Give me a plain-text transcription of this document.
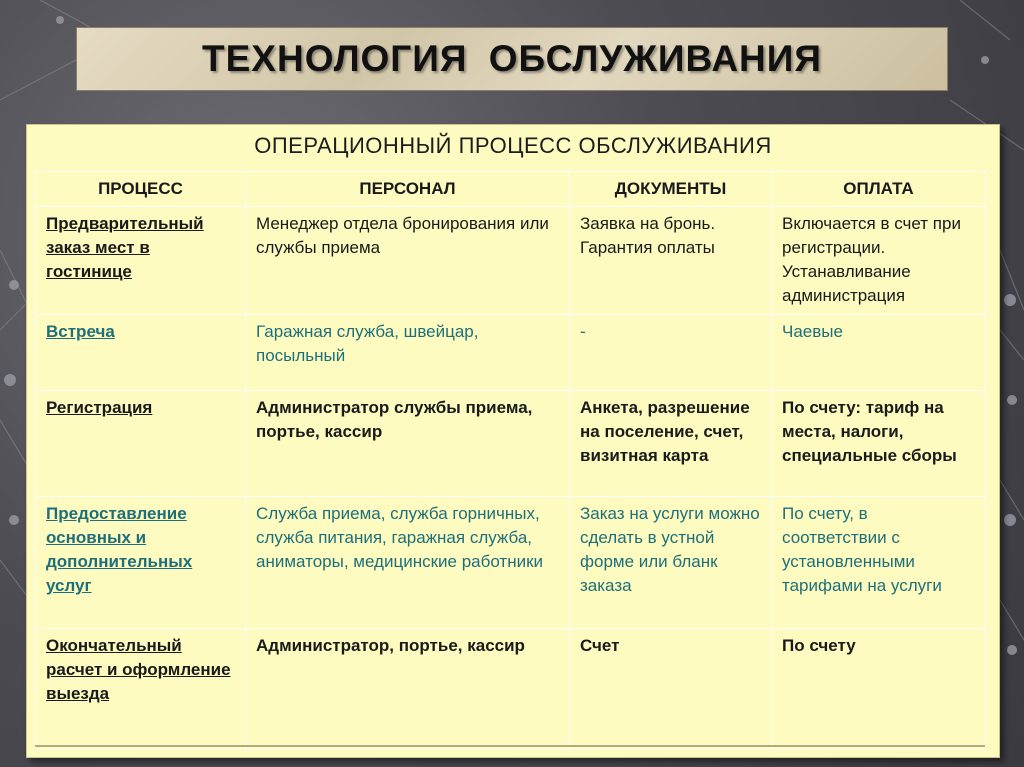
ТЕХНОЛОГИЯ ОБСЛУЖИВАНИЯ
ОПЕРАЦИОННЫЙ ПРОЦЕСС ОБСЛУЖИВАНИЯ
ПРОЦЕСС	ПЕРСОНАЛ	ДОКУМЕНТЫ	ОПЛАТА
Предварительный заказ мест в гостинице	Менеджер отдела бронирования или службы приема	Заявка на бронь. Гарантия оплаты	Включается в счет при регистрации. Устанавливание администрация
Встреча	Гаражная служба, швейцар, посыльный	-	Чаевые
Регистрация	Администратор службы приема, портье, кассир	Анкета, разрешение на поселение, счет, визитная карта	По счету: тариф на места, налоги, специальные сборы
Предоставление основных и дополнительных услуг	Служба приема, служба горничных, служба питания, гаражная служба, аниматоры, медицинские работники	Заказ на услуги можно сделать в устной форме или бланк заказа	По счету, в соответствии с установленными тарифами на услуги
Окончательный расчет и оформление выезда	Администратор, портье, кассир	Счет	По счету
